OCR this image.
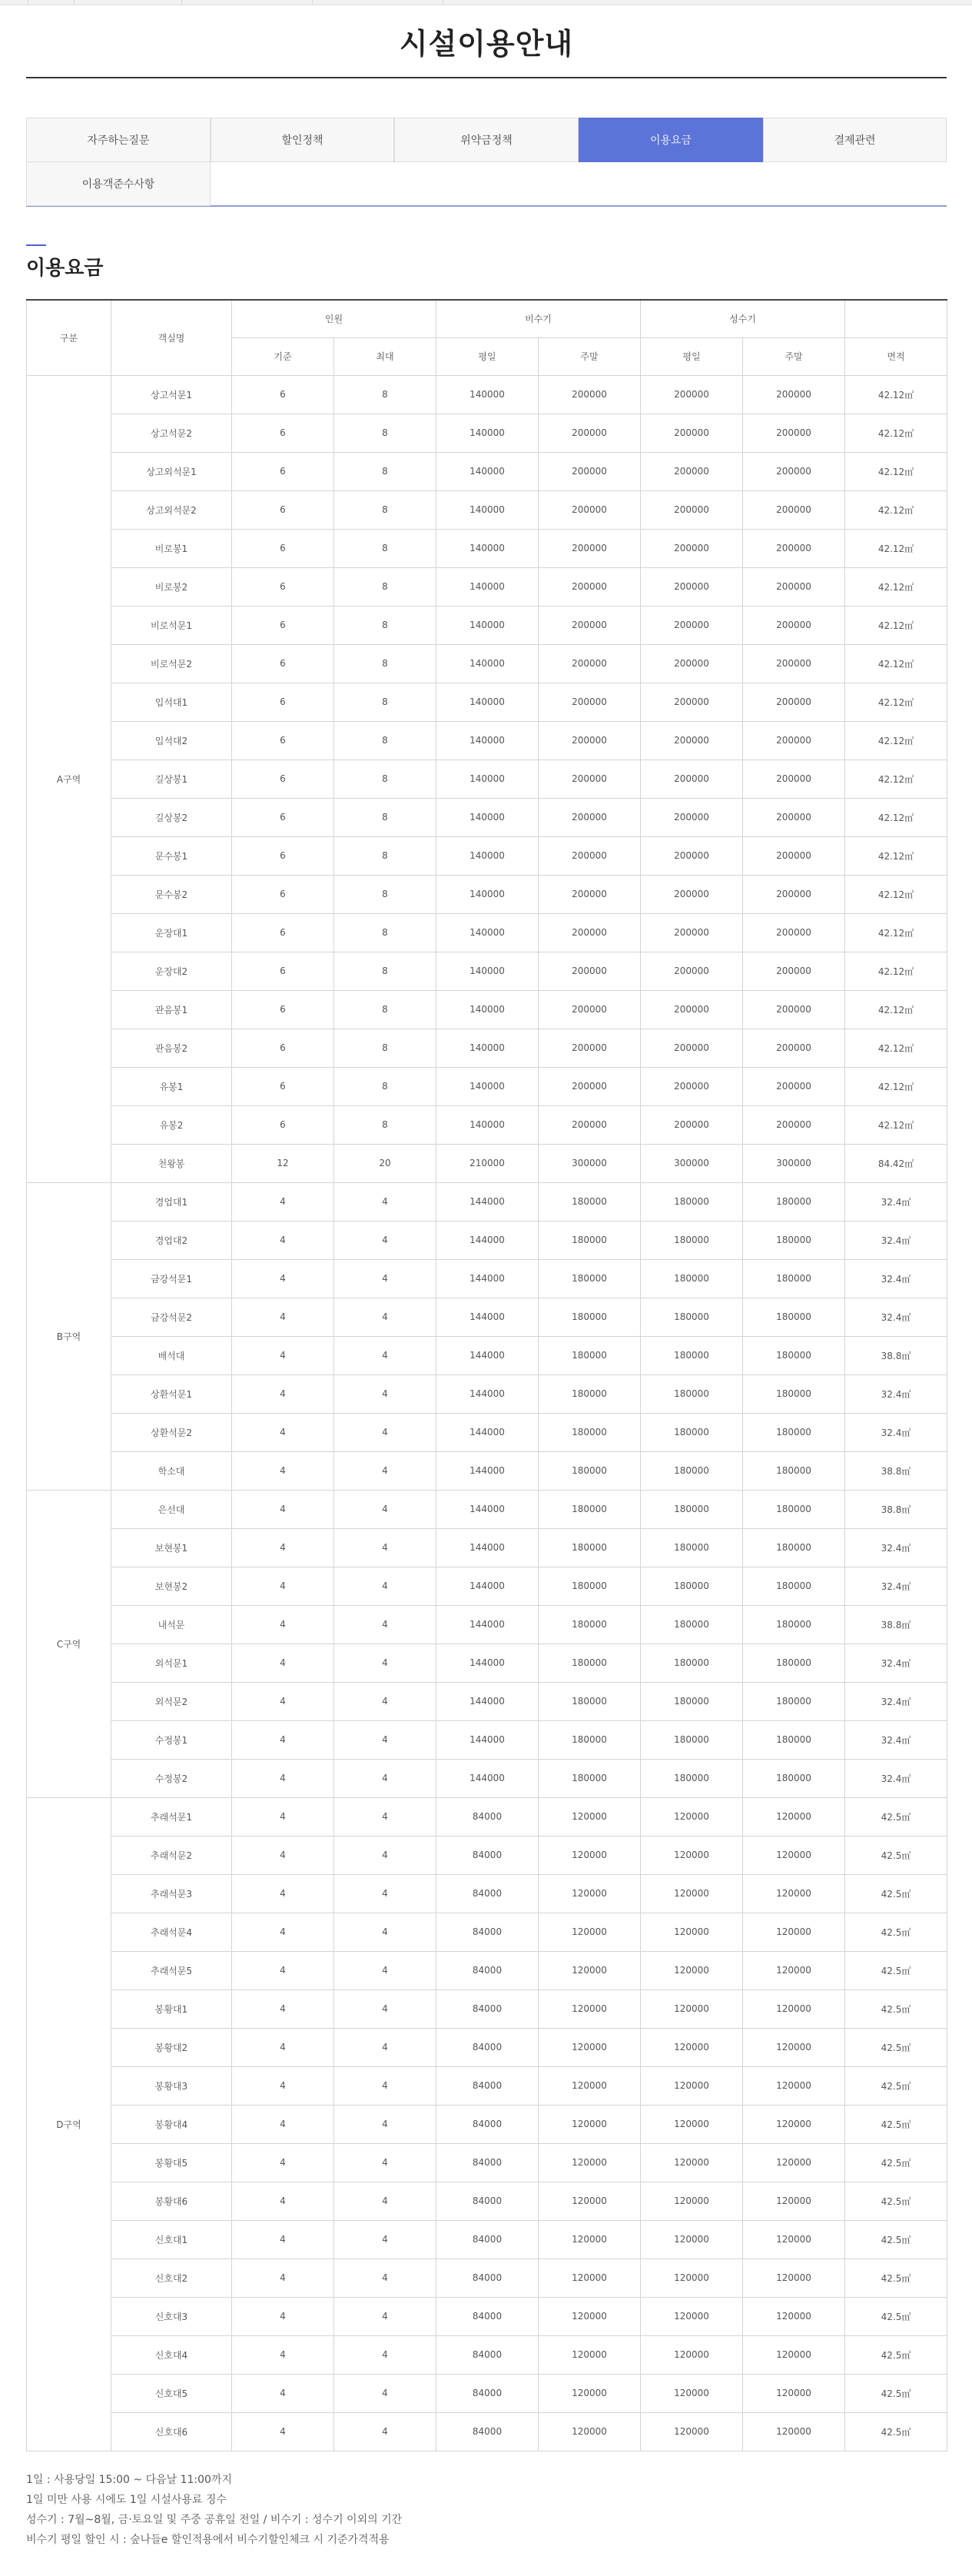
시설이용안내
자주하는질문	할인정책	위약금정책	이용요금	결제관련
이용객준수사항
이용요금
구분	객실명	인원		비수기		성수기		
		기준	최대	평일	주말	평일	주말	면적
A구역	상고석문1	6	8	140000	200000	200000	200000	42.12㎡
	상고석문2	6	8	140000	200000	200000	200000	42.12㎡
	상고외석문1	6	8	140000	200000	200000	200000	42.12㎡
	상고외석문2	6	8	140000	200000	200000	200000	42.12㎡
	비로봉1	6	8	140000	200000	200000	200000	42.12㎡
	비로봉2	6	8	140000	200000	200000	200000	42.12㎡
	비로석문1	6	8	140000	200000	200000	200000	42.12㎡
	비로석문2	6	8	140000	200000	200000	200000	42.12㎡
	입석대1	6	8	140000	200000	200000	200000	42.12㎡
	입석대2	6	8	140000	200000	200000	200000	42.12㎡
	길상봉1	6	8	140000	200000	200000	200000	42.12㎡
	길상봉2	6	8	140000	200000	200000	200000	42.12㎡
	문수봉1	6	8	140000	200000	200000	200000	42.12㎡
	문수봉2	6	8	140000	200000	200000	200000	42.12㎡
	운장대1	6	8	140000	200000	200000	200000	42.12㎡
	운장대2	6	8	140000	200000	200000	200000	42.12㎡
	관음봉1	6	8	140000	200000	200000	200000	42.12㎡
	관음봉2	6	8	140000	200000	200000	200000	42.12㎡
	유봉1	6	8	140000	200000	200000	200000	42.12㎡
	유봉2	6	8	140000	200000	200000	200000	42.12㎡
	천왕봉	12	20	210000	300000	300000	300000	84.42㎡
B구역	경업대1	4	4	144000	180000	180000	180000	32.4㎡
	경업대2	4	4	144000	180000	180000	180000	32.4㎡
	금강석문1	4	4	144000	180000	180000	180000	32.4㎡
	금강석문2	4	4	144000	180000	180000	180000	32.4㎡
	배석대	4	4	144000	180000	180000	180000	38.8㎡
	상환석문1	4	4	144000	180000	180000	180000	32.4㎡
	상환석문2	4	4	144000	180000	180000	180000	32.4㎡
	학소대	4	4	144000	180000	180000	180000	38.8㎡
C구역	은선대	4	4	144000	180000	180000	180000	38.8㎡
	보현봉1	4	4	144000	180000	180000	180000	32.4㎡
	보현봉2	4	4	144000	180000	180000	180000	32.4㎡
	내석문	4	4	144000	180000	180000	180000	38.8㎡
	외석문1	4	4	144000	180000	180000	180000	32.4㎡
	외석문2	4	4	144000	180000	180000	180000	32.4㎡
	수정봉1	4	4	144000	180000	180000	180000	32.4㎡
	수정봉2	4	4	144000	180000	180000	180000	32.4㎡
D구역	추래석문1	4	4	84000	120000	120000	120000	42.5㎡
	추래석문2	4	4	84000	120000	120000	120000	42.5㎡
	추래석문3	4	4	84000	120000	120000	120000	42.5㎡
	추래석문4	4	4	84000	120000	120000	120000	42.5㎡
	추래석문5	4	4	84000	120000	120000	120000	42.5㎡
	봉황대1	4	4	84000	120000	120000	120000	42.5㎡
	봉황대2	4	4	84000	120000	120000	120000	42.5㎡
	봉황대3	4	4	84000	120000	120000	120000	42.5㎡
	봉황대4	4	4	84000	120000	120000	120000	42.5㎡
	봉황대5	4	4	84000	120000	120000	120000	42.5㎡
	봉황대6	4	4	84000	120000	120000	120000	42.5㎡
	신호대1	4	4	84000	120000	120000	120000	42.5㎡
	신호대2	4	4	84000	120000	120000	120000	42.5㎡
	신호대3	4	4	84000	120000	120000	120000	42.5㎡
	신호대4	4	4	84000	120000	120000	120000	42.5㎡
	신호대5	4	4	84000	120000	120000	120000	42.5㎡
	신호대6	4	4	84000	120000	120000	120000	42.5㎡

1일 : 사용당일 15:00 ~ 다음날 11:00까지

1일 미만 사용 시에도 1일 시설사용료 징수

성수기 : 7월~8월, 금·토요일 및 주중 공휴일 전일 / 비수기 : 성수기 이외의 기간

비수기 평일 할인 시 : 숲나들e 할인적용에서 비수기할인체크 시 기준가격적용
